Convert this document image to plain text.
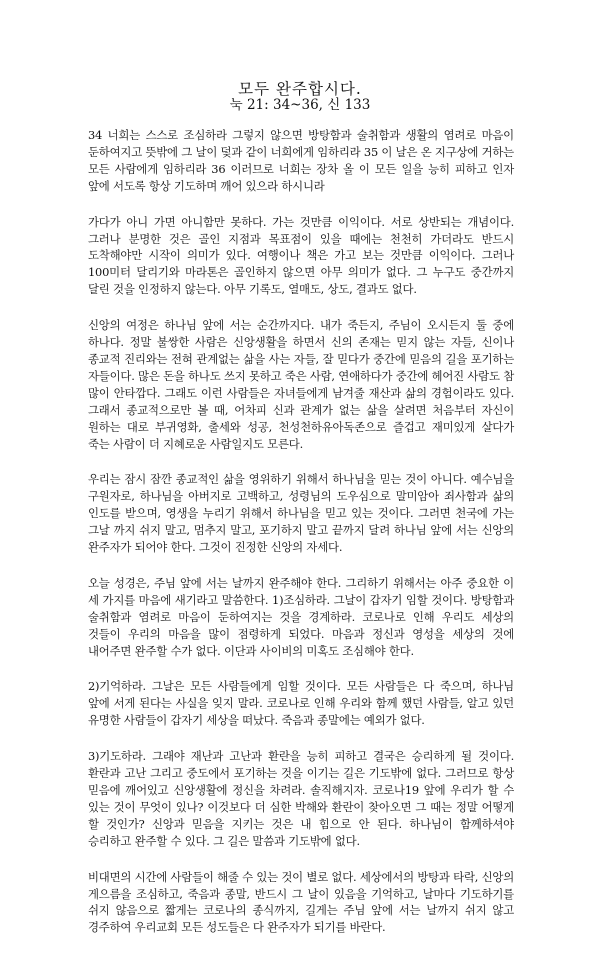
모두 완주합시다.
눅 21: 34~36, 신 133

34 너희는 스스로 조심하라 그렇지 않으면 방탕함과 술취함과 생활의 염려로 마음이 둔하여지고 뜻밖에 그 날이 덫과 같이 너희에게 임하리라 35 이 날은 온 지구상에 거하는 모든 사람에게 임하리라 36 이러므로 너희는 장차 올 이 모든 일을 능히 피하고 인자 앞에 서도록 항상 기도하며 깨어 있으라 하시니라

가다가 아니 가면 아니함만 못하다. 가는 것만큼 이익이다. 서로 상반되는 개념이다. 그러나 분명한 것은 골인 지점과 목표점이 있을 때에는 천천히 가더라도 반드시 도착해야만 시작이 의미가 있다. 여행이나 책은 가고 보는 것만큼 이익이다. 그러나 100미터 달리기와 마라톤은 골인하지 않으면 아무 의미가 없다. 그 누구도 중간까지 달린 것을 인정하지 않는다. 아무 기록도, 열매도, 상도, 결과도 없다.

신앙의 여정은 하나님 앞에 서는 순간까지다. 내가 죽든지, 주님이 오시든지 둘 중에 하나다. 정말 불쌍한 사람은 신앙생활을 하면서 신의 존재는 믿지 않는 자들, 신이나 종교적 진리와는 전혀 관계없는 삶을 사는 자들, 잘 믿다가 중간에 믿음의 길을 포기하는 자들이다. 많은 돈을 하나도 쓰지 못하고 죽은 사람, 연애하다가 중간에 헤어진 사람도 참 많이 안타깝다. 그래도 이런 사람들은 자녀들에게 남겨줄 재산과 삶의 경험이라도 있다. 그래서 종교적으로만 볼 때, 어차피 신과 관계가 없는 삶을 살려면 처음부터 자신이 원하는 대로 부귀영화, 출세와 성공, 천성천하유아독존으로 즐겁고 재미있게 살다가 죽는 사람이 더 지혜로운 사람일지도 모른다.

우리는 잠시 잠깐 종교적인 삶을 영위하기 위해서 하나님을 믿는 것이 아니다. 예수님을 구원자로, 하나님을 아버지로 고백하고, 성령님의 도우심으로 말미암아 죄사함과 삶의 인도를 받으며, 영생을 누리기 위해서 하나님을 믿고 있는 것이다. 그러면 천국에 가는 그날 까지 쉬지 말고, 멈추지 말고, 포기하지 말고 끝까지 달려 하나님 앞에 서는 신앙의 완주자가 되어야 한다. 그것이 진정한 신앙의 자세다.

오늘 성경은, 주님 앞에 서는 날까지 완주해야 한다. 그리하기 위해서는 아주 중요한 이 세 가지를 마음에 새기라고 말씀한다. 1)조심하라. 그날이 갑자기 임할 것이다. 방탕함과 술취함과 염려로 마음이 둔하여지는 것을 경계하라. 코로나로 인해 우리도 세상의 것들이 우리의 마음을 많이 점령하게 되었다. 마음과 정신과 영성을 세상의 것에 내어주면 완주할 수가 없다. 이단과 사이비의 미혹도 조심해야 한다.

2)기억하라. 그날은 모든 사람들에게 임할 것이다. 모든 사람들은 다 죽으며, 하나님 앞에 서게 된다는 사실을 잊지 말라. 코로나로 인해 우리와 함께 했던 사람들, 알고 있던 유명한 사람들이 갑자기 세상을 떠났다. 죽음과 종말에는 예외가 없다.

3)기도하라. 그래야 재난과 고난과 환란을 능히 피하고 결국은 승리하게 될 것이다. 환란과 고난 그리고 중도에서 포기하는 것을 이기는 길은 기도밖에 없다. 그러므로 항상 믿음에 깨어있고 신앙생활에 정신을 차려라. 솔직해지자. 코로나19 앞에 우리가 할 수 있는 것이 무엇이 있나? 이것보다 더 심한 박해와 환란이 찾아오면 그 때는 정말 어떻게 할 것인가? 신앙과 믿음을 지키는 것은 내 힘으로 안 된다. 하나님이 함께하셔야 승리하고 완주할 수 있다. 그 길은 말씀과 기도밖에 없다.

비대면의 시간에 사람들이 해줄 수 있는 것이 별로 없다. 세상에서의 방탕과 타락, 신앙의 게으름을 조심하고, 죽음과 종말, 반드시 그 날이 있음을 기억하고, 날마다 기도하기를 쉬지 않음으로 짧게는 코로나의 종식까지, 길게는 주님 앞에 서는 날까지 쉬지 않고 경주하여 우리교회 모든 성도들은 다 완주자가 되기를 바란다.
